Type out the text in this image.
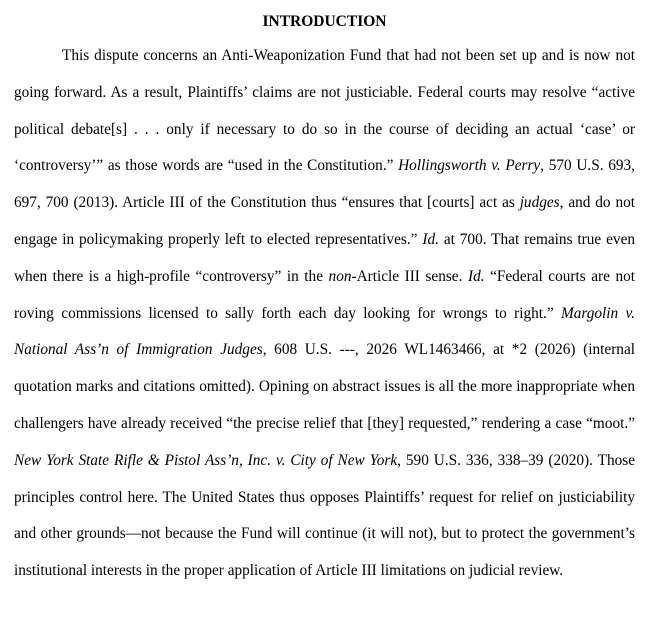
INTRODUCTION

This dispute concerns an Anti-Weaponization Fund that had not been set up and is now not going forward. As a result, Plaintiffs’ claims are not justiciable. Federal courts may resolve “active political debate[s] . . . only if necessary to do so in the course of deciding an actual ‘case’ or ‘controversy’” as those words are “used in the Constitution.” Hollingsworth v. Perry, 570 U.S. 693, 697, 700 (2013). Article III of the Constitution thus “ensures that [courts] act as judges, and do not engage in policymaking properly left to elected representatives.” Id. at 700. That remains true even when there is a high-profile “controversy” in the non-Article III sense. Id. “Federal courts are not roving commissions licensed to sally forth each day looking for wrongs to right.” Margolin v. National Ass’n of Immigration Judges, 608 U.S. ---, 2026 WL1463466, at *2 (2026) (internal quotation marks and citations omitted). Opining on abstract issues is all the more inappropriate when challengers have already received “the precise relief that [they] requested,” rendering a case “moot.” New York State Rifle & Pistol Ass’n, Inc. v. City of New York, 590 U.S. 336, 338–39 (2020). Those principles control here. The United States thus opposes Plaintiffs’ request for relief on justiciability and other grounds—not because the Fund will continue (it will not), but to protect the government’s institutional interests in the proper application of Article III limitations on judicial review.
